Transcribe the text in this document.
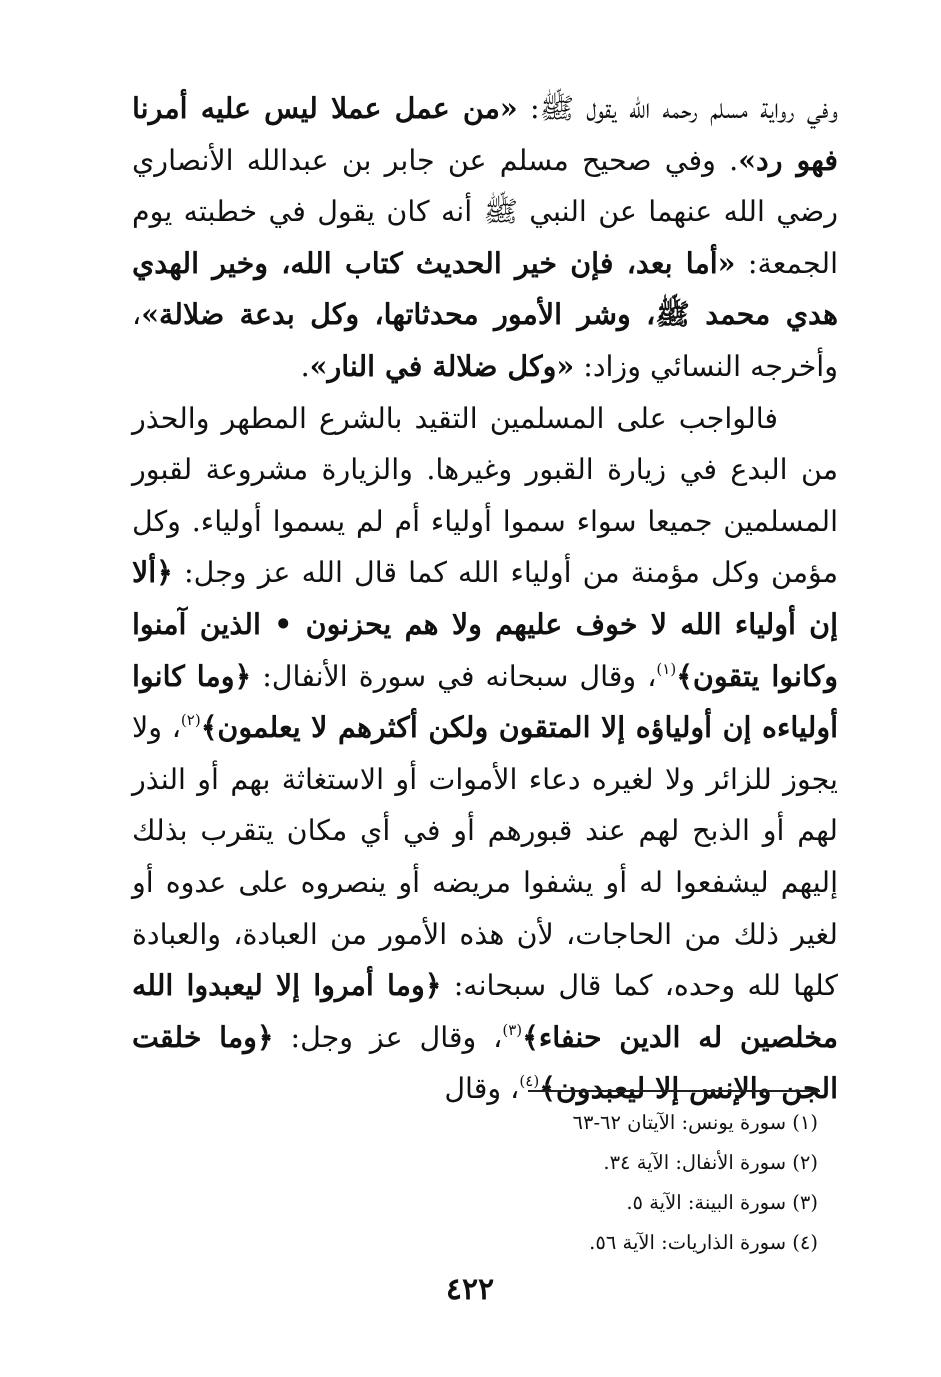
وفي رواية مسلم رحمه الله يقول ﷺ: «من عمل عملا ليس عليه أمرنا فهو رد». وفي صحيح مسلم عن جابر بن عبدالله الأنصاري رضي الله عنهما عن النبي ﷺ أنه كان يقول في خطبته يوم الجمعة: «أما بعد، فإن خير الحديث كتاب الله، وخير الهدي هدي محمد ﷺ، وشر الأمور محدثاتها، وكل بدعة ضلالة»، وأخرجه النسائي وزاد: «وكل ضلالة في النار».

فالواجب على المسلمين التقيد بالشرع المطهر والحذر من البدع في زيارة القبور وغيرها. والزيارة مشروعة لقبور المسلمين جميعا سواء سموا أولياء أم لم يسموا أولياء. وكل مؤمن وكل مؤمنة من أولياء الله كما قال الله عز وجل: ﴿ألا إن أولياء الله لا خوف عليهم ولا هم يحزنون • الذين آمنوا وكانوا يتقون﴾$^{(١)}$، وقال سبحانه في سورة الأنفال: ﴿وما كانوا أولياءه إن أولياؤه إلا المتقون ولكن أكثرهم لا يعلمون﴾$^{(٢)}$، ولا يجوز للزائر ولا لغيره دعاء الأموات أو الاستغاثة بهم أو النذر لهم أو الذبح لهم عند قبورهم أو في أي مكان يتقرب بذلك إليهم ليشفعوا له أو يشفوا مريضه أو ينصروه على عدوه أو لغير ذلك من الحاجات، لأن هذه الأمور من العبادة، والعبادة كلها لله وحده، كما قال سبحانه: ﴿وما أمروا إلا ليعبدوا الله مخلصين له الدين حنفاء﴾$^{(٣)}$، وقال عز وجل: ﴿وما خلقت الجن والإنس إلا ليعبدون﴾$^{(٤)}$، وقال

(١) سورة يونس: الآيتان ٦٢-٦٣

(٢) سورة الأنفال: الآية ٣٤.

(٣) سورة البينة: الآية ٥.

(٤) سورة الذاريات: الآية ٥٦.

٤٢٢
